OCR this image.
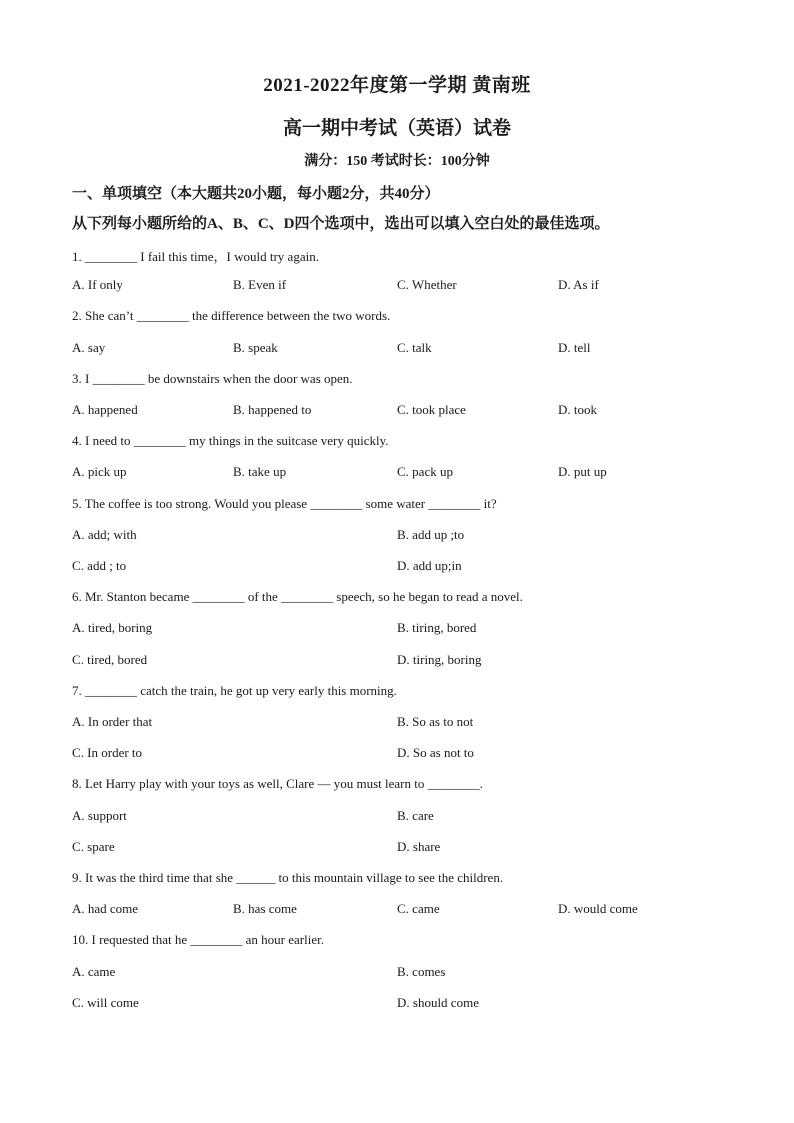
2021-2022年度第一学期 黄南班
高一期中考试（英语）试卷
满分：150 考试时长：100分钟
一、单项填空（本大题共20小题，每小题2分，共40分）
从下列每小题所给的A、B、C、D四个选项中，选出可以填入空白处的最佳选项。
1. ________ I fail this time，I would try again.
A. If only	B. Even if	C. Whether	D. As if
2. She can’t ________ the difference between the two words.
A. say	B. speak	C. talk	D. tell
3. I ________ be downstairs when the door was open.
A. happened	B. happened to	C. took place	D. took
4. I need to ________ my things in the suitcase very quickly.
A. pick up	B. take up	C. pack up	D. put up
5. The coffee is too strong. Would you please ________ some water ________ it?
A. add; with	B. add up ;to
C. add ; to	D. add up;in
6. Mr. Stanton became ________ of the ________ speech, so he began to read a novel.
A. tired, boring	B. tiring, bored
C. tired, bored	D. tiring, boring
7. ________ catch the train, he got up very early this morning.
A. In order that	B. So as to not
C. In order to	D. So as not to
8. Let Harry play with your toys as well, Clare — you must learn to ________.
A. support	B. care
C. spare	D. share
9. It was the third time that she ______ to this mountain village to see the children.
A. had come	B. has come	C. came	D. would come
10. I requested that he ________ an hour earlier.
A. came	B. comes
C. will come	D. should come
